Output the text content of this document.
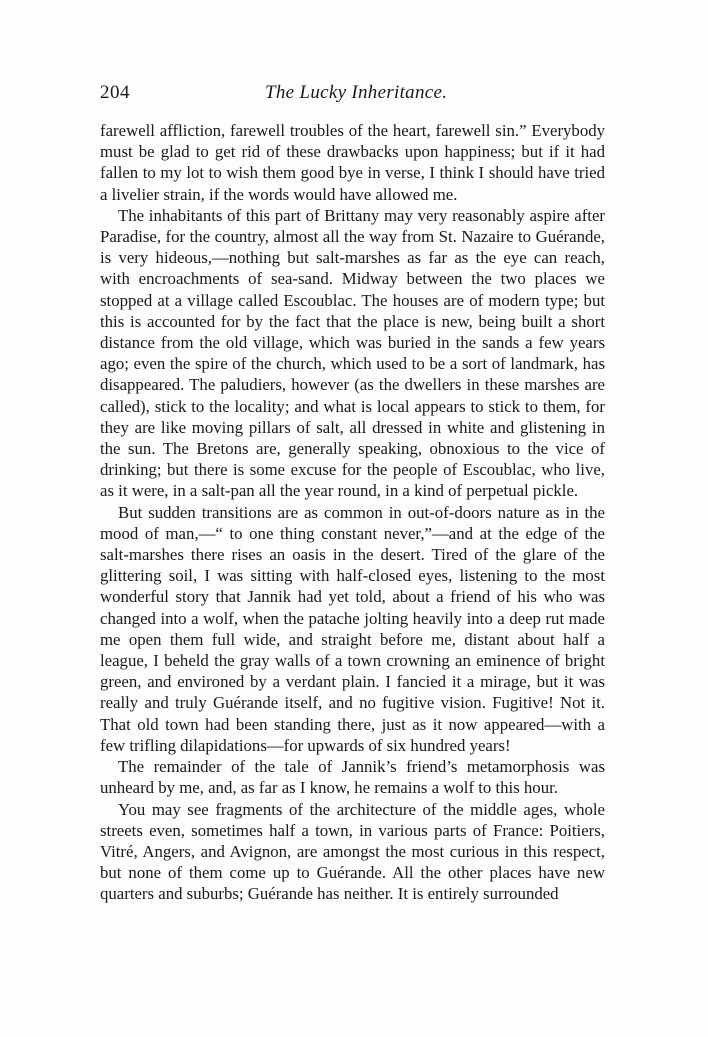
204	The Lucky Inheritance.

farewell affliction, farewell troubles of the heart, farewell sin.” Everybody must be glad to get rid of these drawbacks upon happiness; but if it had fallen to my lot to wish them good bye in verse, I think I should have tried a livelier strain, if the words would have allowed me.

The inhabitants of this part of Brittany may very reasonably aspire after Paradise, for the country, almost all the way from St. Nazaire to Guérande, is very hideous,—nothing but salt-marshes as far as the eye can reach, with encroachments of sea-sand. Midway between the two places we stopped at a village called Escoublac. The houses are of modern type; but this is accounted for by the fact that the place is new, being built a short distance from the old village, which was buried in the sands a few years ago; even the spire of the church, which used to be a sort of landmark, has disappeared. The paludiers, however (as the dwellers in these marshes are called), stick to the locality; and what is local appears to stick to them, for they are like moving pillars of salt, all dressed in white and glistening in the sun. The Bretons are, generally speaking, obnoxious to the vice of drinking; but there is some excuse for the people of Escoublac, who live, as it were, in a salt-pan all the year round, in a kind of perpetual pickle.

But sudden transitions are as common in out-of-doors nature as in the mood of man,—“ to one thing constant never,”—and at the edge of the salt-marshes there rises an oasis in the desert. Tired of the glare of the glittering soil, I was sitting with half-closed eyes, listening to the most wonderful story that Jannik had yet told, about a friend of his who was changed into a wolf, when the patache jolting heavily into a deep rut made me open them full wide, and straight before me, distant about half a league, I beheld the gray walls of a town crowning an eminence of bright green, and environed by a verdant plain. I fancied it a mirage, but it was really and truly Guérande itself, and no fugitive vision. Fugitive! Not it. That old town had been standing there, just as it now appeared—with a few trifling dilapidations—for upwards of six hundred years!

The remainder of the tale of Jannik’s friend’s metamorphosis was unheard by me, and, as far as I know, he remains a wolf to this hour.

You may see fragments of the architecture of the middle ages, whole streets even, sometimes half a town, in various parts of France: Poitiers, Vitré, Angers, and Avignon, are amongst the most curious in this respect, but none of them come up to Guérande. All the other places have new quarters and suburbs; Guérande has neither. It is entirely surrounded
